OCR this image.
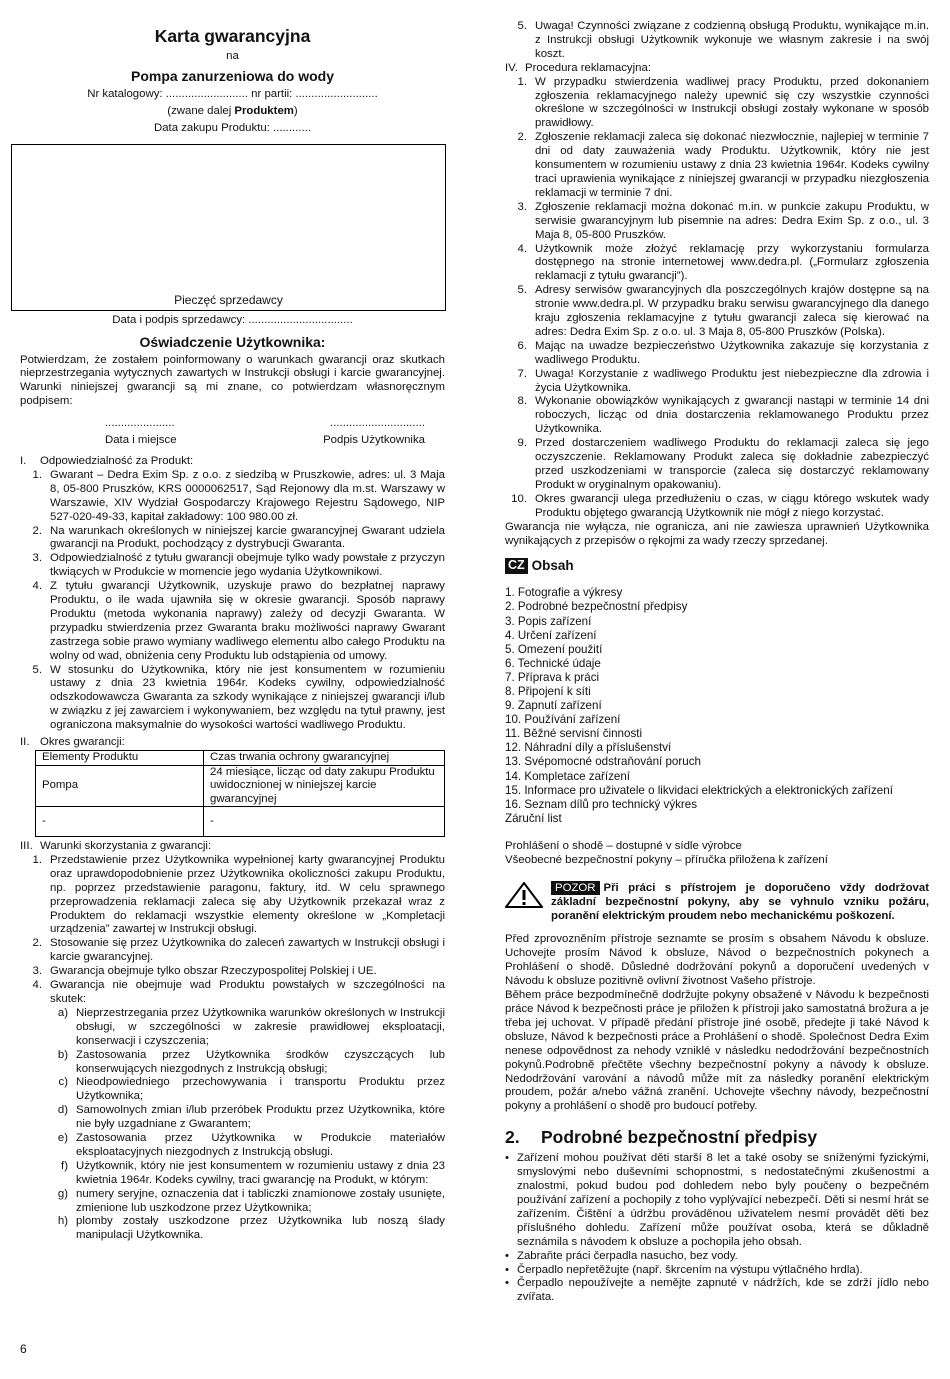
Karta gwarancyjna
na
Pompa zanurzeniowa do wody
Nr katalogowy: .......................... nr partii: ..........................
(zwane dalej Produktem)
Data zakupu Produktu: ............
Pieczęć sprzedawcy
Data i podpis sprzedawcy: .................................
Oświadczenie Użytkownika:
Potwierdzam, że zostałem poinformowany o warunkach gwarancji oraz skutkach nieprzestrzegania wytycznych zawartych w Instrukcji obsługi i karcie gwarancyjnej. Warunki niniejszej gwarancji są mi znane, co potwierdzam własnoręcznym podpisem:
......................	..............................
Data i miejsce	Podpis Użytkownika
I.	Odpowiedzialność za Produkt:
1. Gwarant – Dedra Exim Sp. z o.o. z siedzibą w Pruszkowie, adres: ul. 3 Maja 8, 05-800 Pruszków, KRS 0000062517, Sąd Rejonowy dla m.st. Warszawy w Warszawie, XIV Wydział Gospodarczy Krajowego Rejestru Sądowego, NIP 527-020-49-33, kapitał zakładowy: 100 980.00 zł.
2. Na warunkach określonych w niniejszej karcie gwarancyjnej Gwarant udziela gwarancji na Produkt, pochodzący z dystrybucji Gwaranta.
3. Odpowiedzialność z tytułu gwarancji obejmuje tylko wady powstałe z przyczyn tkwiących w Produkcie w momencie jego wydania Użytkownikowi.
4. Z tytułu gwarancji Użytkownik, uzyskuje prawo do bezpłatnej naprawy Produktu, o ile wada ujawniła się w okresie gwarancji. Sposób naprawy Produktu (metoda wykonania naprawy) zależy od decyzji Gwaranta. W przypadku stwierdzenia przez Gwaranta braku możliwości naprawy Gwarant zastrzega sobie prawo wymiany wadliwego elementu albo całego Produktu na wolny od wad, obniżenia ceny Produktu lub odstąpienia od umowy.
5. W stosunku do Użytkownika, który nie jest konsumentem w rozumieniu ustawy z dnia 23 kwietnia 1964r. Kodeks cywilny, odpowiedzialność odszkodowawcza Gwaranta za szkody wynikające z niniejszej gwarancji i/lub w związku z jej zawarciem i wykonywaniem, bez względu na tytuł prawny, jest ograniczona maksymalnie do wysokości wartości wadliwego Produktu.
II. Okres gwarancji:
Elementy Produktu	Czas trwania ochrony gwarancyjnej
Pompa	24 miesiące, licząc od daty zakupu Produktu uwidocznionej w niniejszej karcie gwarancyjnej
-	-
III. Warunki skorzystania z gwarancji:
1. Przedstawienie przez Użytkownika wypełnionej karty gwarancyjnej Produktu oraz uprawdopodobnienie przez Użytkownika okoliczności zakupu Produktu, np. poprzez przedstawienie paragonu, faktury, itd. W celu sprawnego przeprowadzenia reklamacji zaleca się aby Użytkownik przekazał wraz z Produktem do reklamacji wszystkie elementy określone w „Kompletacji urządzenia” zawartej w Instrukcji obsługi.
2. Stosowanie się przez Użytkownika do zaleceń zawartych w Instrukcji obsługi i karcie gwarancyjnej.
3. Gwarancja obejmuje tylko obszar Rzeczypospolitej Polskiej i UE.
4. Gwarancja nie obejmuje wad Produktu powstałych w szczególności na skutek:
a) Nieprzestrzegania przez Użytkownika warunków określonych w Instrukcji obsługi, w szczególności w zakresie prawidłowej eksploatacji, konserwacji i czyszczenia;
b) Zastosowania przez Użytkownika środków czyszczących lub konserwujących niezgodnych z Instrukcją obsługi;
c) Nieodpowiedniego przechowywania i transportu Produktu przez Użytkownika;
d) Samowolnych zmian i/lub przeróbek Produktu przez Użytkownika, które nie były uzgadniane z Gwarantem;
e) Zastosowania przez Użytkownika w Produkcie materiałów eksploatacyjnych niezgodnych z Instrukcją obsługi.
f) Użytkownik, który nie jest konsumentem w rozumieniu ustawy z dnia 23 kwietnia 1964r. Kodeks cywilny, traci gwarancję na Produkt, w którym:
g) numery seryjne, oznaczenia dat i tabliczki znamionowe zostały usunięte, zmienione lub uszkodzone przez Użytkownika;
h) plomby zostały uszkodzone przez Użytkownika lub noszą ślady manipulacji Użytkownika.
6
5. Uwaga! Czynności związane z codzienną obsługą Produktu, wynikające m.in. z Instrukcji obsługi Użytkownik wykonuje we własnym zakresie i na swój koszt.
IV. Procedura reklamacyjna:
1. W przypadku stwierdzenia wadliwej pracy Produktu, przed dokonaniem zgłoszenia reklamacyjnego należy upewnić się czy wszystkie czynności określone w szczególności w Instrukcji obsługi zostały wykonane w sposób prawidłowy.
2. Zgłoszenie reklamacji zaleca się dokonać niezwłocznie, najlepiej w terminie 7 dni od daty zauważenia wady Produktu. Użytkownik, który nie jest konsumentem w rozumieniu ustawy z dnia 23 kwietnia 1964r. Kodeks cywilny traci uprawienia wynikające z niniejszej gwarancji w przypadku niezgłoszenia reklamacji w terminie 7 dni.
3. Zgłoszenie reklamacji można dokonać m.in. w punkcie zakupu Produktu, w serwisie gwarancyjnym lub pisemnie na adres: Dedra Exim Sp. z o.o., ul. 3 Maja 8, 05-800 Pruszków.
4. Użytkownik może złożyć reklamację przy wykorzystaniu formularza dostępnego na stronie internetowej www.dedra.pl. („Formularz zgłoszenia reklamacji z tytułu gwarancji”).
5. Adresy serwisów gwarancyjnych dla poszczególnych krajów dostępne są na stronie www.dedra.pl. W przypadku braku serwisu gwarancyjnego dla danego kraju zgłoszenia reklamacyjne z tytułu gwarancji zaleca się kierować na adres: Dedra Exim Sp. z o.o. ul. 3 Maja 8, 05-800 Pruszków (Polska).
6. Mając na uwadze bezpieczeństwo Użytkownika zakazuje się korzystania z wadliwego Produktu.
7. Uwaga! Korzystanie z wadliwego Produktu jest niebezpieczne dla zdrowia i życia Użytkownika.
8. Wykonanie obowiązków wynikających z gwarancji nastąpi w terminie 14 dni roboczych, licząc od dnia dostarczenia reklamowanego Produktu przez Użytkownika.
9. Przed dostarczeniem wadliwego Produktu do reklamacji zaleca się jego oczyszczenie. Reklamowany Produkt zaleca się dokładnie zabezpieczyć przed uszkodzeniami w transporcie (zaleca się dostarczyć reklamowany Produkt w oryginalnym opakowaniu).
10. Okres gwarancji ulega przedłużeniu o czas, w ciągu którego wskutek wady Produktu objętego gwarancją Użytkownik nie mógł z niego korzystać.
Gwarancja nie wyłącza, nie ogranicza, ani nie zawiesza uprawnień Użytkownika wynikających z przepisów o rękojmi za wady rzeczy sprzedanej.
CZ Obsah
1. Fotografie a výkresy
2. Podrobné bezpečnostní předpisy
3. Popis zařízení
4. Určení zařízení
5. Omezení použití
6. Technické údaje
7. Příprava k práci
8. Připojení k síti
9. Zapnutí zařízení
10. Používání zařízení
11. Běžné servisní činnosti
12. Náhradní díly a příslušenství
13. Svépomocné odstraňování poruch
14. Kompletace zařízení
15. Informace pro uživatele o likvidaci elektrických a elektronických zařízení
16. Seznam dílů pro technický výkres
Záruční list
Prohlášení o shodě – dostupné v sídle výrobce
Všeobecné bezpečnostní pokyny – příručka přiložena k zařízení
POZOR Při práci s přístrojem je doporučeno vždy dodržovat základní bezpečnostní pokyny, aby se vyhnulo vzniku požáru, poranění elektrickým proudem nebo mechanickému poškození.
Před zprovozněním přístroje seznamte se prosím s obsahem Návodu k obsluze. Uchovejte prosím Návod k obsluze, Návod o bezpečnostních pokynech a Prohlášení o shodě. Důsledné dodržování pokynů a doporučení uvedených v Návodu k obsluze pozitivně ovlivní životnost Vašeho přístroje.
Během práce bezpodmínečně dodržujte pokyny obsažené v Návodu k bezpečnosti práce Návod k bezpečnosti práce je přiložen k přístroji jako samostatná brožura a je třeba jej uchovat. V případě předání přístroje jiné osobě, předejte ji také Návod k obsluze, Návod k bezpečnosti práce a Prohlášení o shodě. Společnost Dedra Exim nenese odpovědnost za nehody vzniklé v následku nedodržování bezpečnostních pokynů.Podrobně přečtěte všechny bezpečnostní pokyny a návody k obsluze. Nedodržování varování a návodů může mít za následky poranění elektrickým proudem, požár a/nebo vážná zranění. Uchovejte všechny návody, bezpečnostní pokyny a prohlášení o shodě pro budoucí potřeby.
2.	Podrobné bezpečnostní předpisy
• Zařízení mohou používat děti starší 8 let a také osoby se sníženými fyzickými, smyslovými nebo duševními schopnostmi, s nedostatečnými zkušenostmi a znalostmi, pokud budou pod dohledem nebo byly poučeny o bezpečném používání zařízení a pochopily z toho vyplývající nebezpečí. Děti si nesmí hrát se zařízením. Čištění a údržbu prováděnou uživatelem nesmí provádět děti bez příslušného dohledu. Zařízení může používat osoba, která se důkladně seznámila s návodem k obsluze a pochopila jeho obsah.
• Zabraňte práci čerpadla nasucho, bez vody.
• Čerpadlo nepřetěžujte (např. škrcením na výstupu výtlačného hrdla).
• Čerpadlo nepoužívejte a nemějte zapnuté v nádržích, kde se zdrží jídlo nebo zvířata.
